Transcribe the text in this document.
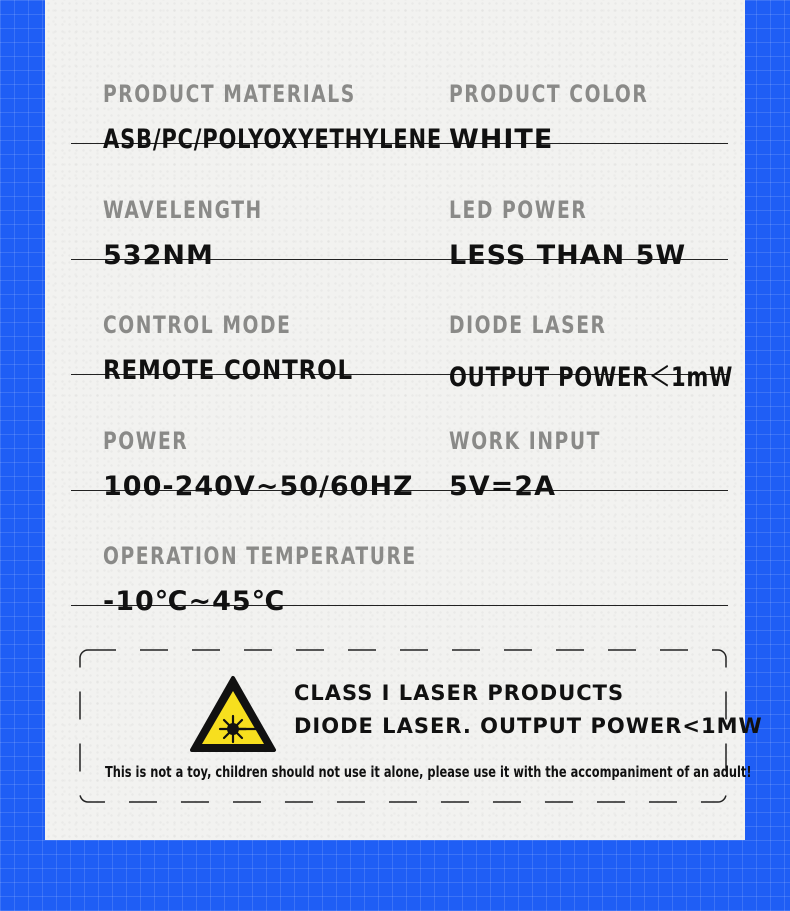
PRODUCT MATERIALS
ASB/PC/POLYOXYETHYLENE
PRODUCT COLOR
WHITE
WAVELENGTH
532NM
LED POWER
LESS THAN 5W
CONTROL MODE
REMOTE CONTROL
DIODE LASER
OUTPUT POWER＜1mW
POWER
100-240V~50/60HZ
WORK INPUT
5V=2A
OPERATION TEMPERATURE
-10℃~45℃
CLASS I LASER PRODUCTS
DIODE LASER. OUTPUT POWER<1MW
This is not a toy, children should not use it alone, please use it with the accompaniment of an adult!
